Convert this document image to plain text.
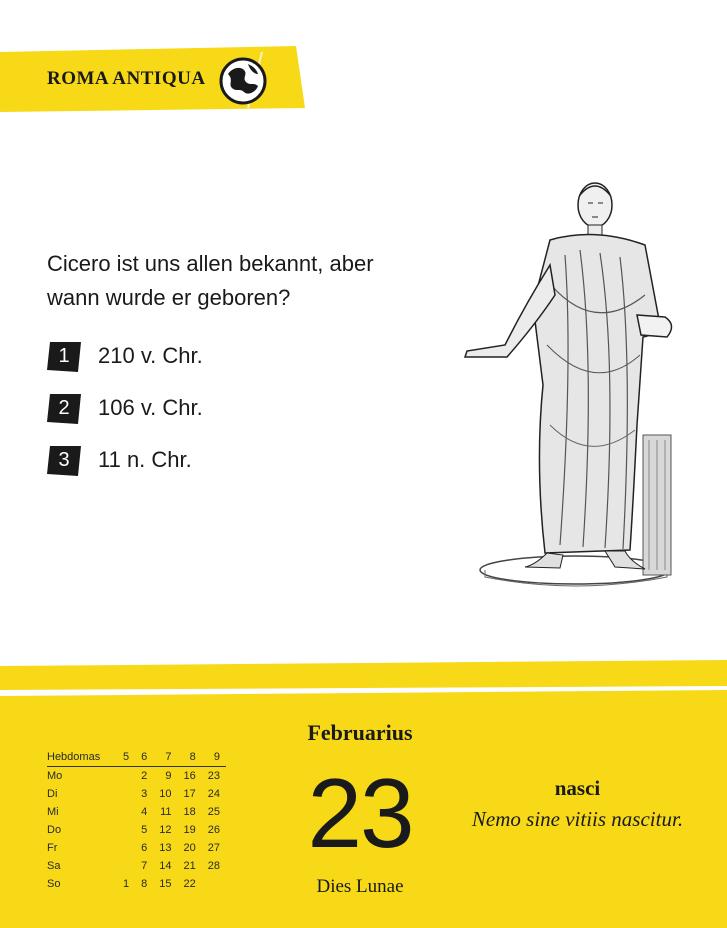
ROMA ANTIQUA
Cicero ist uns allen bekannt, aber wann wurde er geboren?
1	210 v. Chr.
2	106 v. Chr.
3	11 n. Chr.
Hebdomas	5	6	7	8	9
Mo		2	9	16	23
Di		3	10	17	24
Mi		4	11	18	25
Do		5	12	19	26
Fr		6	13	20	27
Sa		7	14	21	28
So	1	8	15	22	
Februarius
23
Dies Lunae
nasci
Nemo sine vitiis nascitur.
